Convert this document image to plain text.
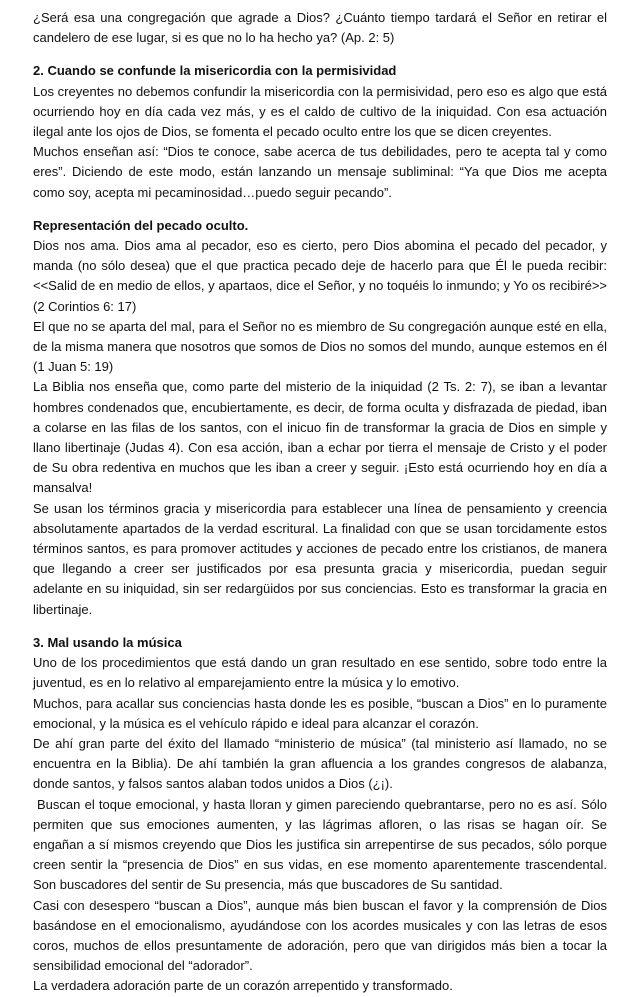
¿Será esa una congregación que agrade a Dios? ¿Cuánto tiempo tardará el Señor en retirar el candelero de ese lugar, si es que no lo ha hecho ya? (Ap. 2: 5)

2. Cuando se confunde la misericordia con la permisividad

Los creyentes no debemos confundir la misericordia con la permisividad, pero eso es algo que está ocurriendo hoy en día cada vez más, y es el caldo de cultivo de la iniquidad. Con esa actuación ilegal ante los ojos de Dios, se fomenta el pecado oculto entre los que se dicen creyentes.

Muchos enseñan así: “Dios te conoce, sabe acerca de tus debilidades, pero te acepta tal y como eres”. Diciendo de este modo, están lanzando un mensaje subliminal: “Ya que Dios me acepta como soy, acepta mi pecaminosidad…puedo seguir pecando”.

Representación del pecado oculto.

Dios nos ama. Dios ama al pecador, eso es cierto, pero Dios abomina el pecado del pecador, y manda (no sólo desea) que el que practica pecado deje de hacerlo para que Él le pueda recibir: <<Salid de en medio de ellos, y apartaos, dice el Señor, y no toquéis lo inmundo; y Yo os recibiré>> (2 Corintios 6: 17)

El que no se aparta del mal, para el Señor no es miembro de Su congregación aunque esté en ella, de la misma manera que nosotros que somos de Dios no somos del mundo, aunque estemos en él (1 Juan 5: 19)

La Biblia nos enseña que, como parte del misterio de la iniquidad (2 Ts. 2: 7), se iban a levantar hombres condenados que, encubiertamente, es decir, de forma oculta y disfrazada de piedad, iban a colarse en las filas de los santos, con el inicuo fin de transformar la gracia de Dios en simple y llano libertinaje (Judas 4). Con esa acción, iban a echar por tierra el mensaje de Cristo y el poder de Su obra redentiva en muchos que les iban a creer y seguir. ¡Esto está ocurriendo hoy en día a mansalva!

Se usan los términos gracia y misericordia para establecer una línea de pensamiento y creencia absolutamente apartados de la verdad escritural. La finalidad con que se usan torcidamente estos términos santos, es para promover actitudes y acciones de pecado entre los cristianos, de manera que llegando a creer ser justificados por esa presunta gracia y misericordia, puedan seguir adelante en su iniquidad, sin ser redargüidos por sus conciencias. Esto es transformar la gracia en libertinaje.

3. Mal usando la música

Uno de los procedimientos que está dando un gran resultado en ese sentido, sobre todo entre la juventud, es en lo relativo al emparejamiento entre la música y lo emotivo.

Muchos, para acallar sus conciencias hasta donde les es posible, “buscan a Dios” en lo puramente emocional, y la música es el vehículo rápido e ideal para alcanzar el corazón.

De ahí gran parte del éxito del llamado “ministerio de música” (tal ministerio así llamado, no se encuentra en la Biblia). De ahí también la gran afluencia a los grandes congresos de alabanza, donde santos, y falsos santos alaban todos unidos a Dios (¿¡).

Buscan el toque emocional, y hasta lloran y gimen pareciendo quebrantarse, pero no es así. Sólo permiten que sus emociones aumenten, y las lágrimas afloren, o las risas se hagan oír. Se engañan a sí mismos creyendo que Dios les justifica sin arrepentirse de sus pecados, sólo porque creen sentir la “presencia de Dios” en sus vidas, en ese momento aparentemente trascendental. Son buscadores del sentir de Su presencia, más que buscadores de Su santidad.

Casi con desespero “buscan a Dios”, aunque más bien buscan el favor y la comprensión de Dios basándose en el emocionalismo, ayudándose con los acordes musicales y con las letras de esos coros, muchos de ellos presuntamente de adoración, pero que van dirigidos más bien a tocar la sensibilidad emocional del “adorador”.

La verdadera adoración parte de un corazón arrepentido y transformado.
